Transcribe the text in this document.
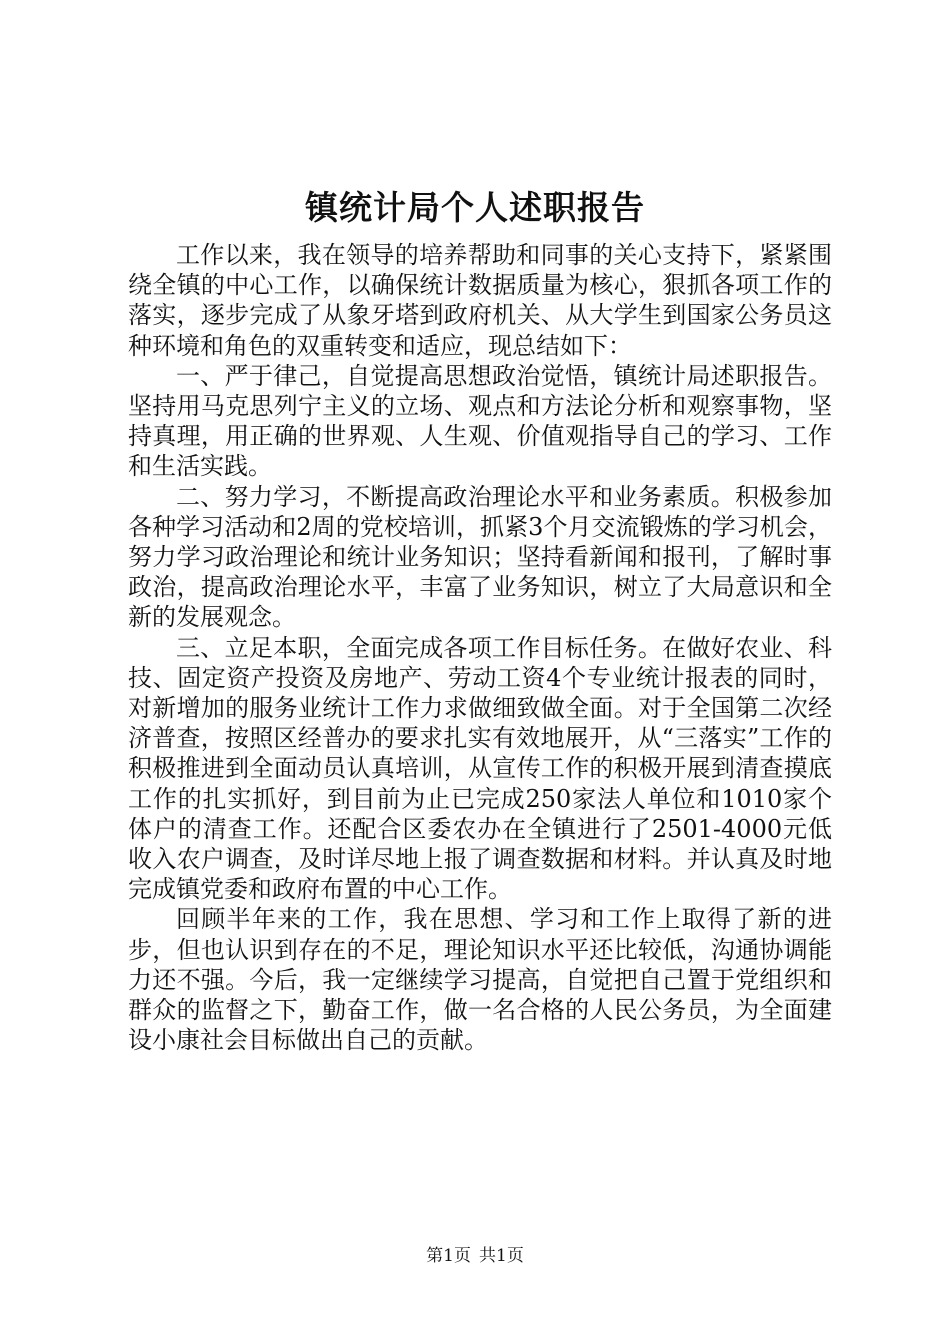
镇统计局个人述职报告

工作以来，我在领导的培养帮助和同事的关心支持下，紧紧围绕全镇的中心工作，以确保统计数据质量为核心，狠抓各项工作的落实，逐步完成了从象牙塔到政府机关、从大学生到国家公务员这种环境和角色的双重转变和适应，现总结如下：

一、严于律己，自觉提高思想政治觉悟，镇统计局述职报告。坚持用马克思列宁主义的立场、观点和方法论分析和观察事物，坚持真理，用正确的世界观、人生观、价值观指导自己的学习、工作和生活实践。

二、努力学习，不断提高政治理论水平和业务素质。积极参加各种学习活动和2周的党校培训，抓紧3个月交流锻炼的学习机会，努力学习政治理论和统计业务知识；坚持看新闻和报刊，了解时事政治，提高政治理论水平，丰富了业务知识，树立了大局意识和全新的发展观念。

三、立足本职，全面完成各项工作目标任务。在做好农业、科技、固定资产投资及房地产、劳动工资4个专业统计报表的同时，对新增加的服务业统计工作力求做细致做全面。对于全国第二次经济普查，按照区经普办的要求扎实有效地展开，从“三落实”工作的积极推进到全面动员认真培训，从宣传工作的积极开展到清查摸底工作的扎实抓好，到目前为止已完成250家法人单位和1010家个体户的清查工作。还配合区委农办在全镇进行了2501-4000元低收入农户调查，及时详尽地上报了调查数据和材料。并认真及时地完成镇党委和政府布置的中心工作。

回顾半年来的工作，我在思想、学习和工作上取得了新的进步，但也认识到存在的不足，理论知识水平还比较低，沟通协调能力还不强。今后，我一定继续学习提高，自觉把自己置于党组织和群众的监督之下，勤奋工作，做一名合格的人民公务员，为全面建设小康社会目标做出自己的贡献。

第1页 共1页
